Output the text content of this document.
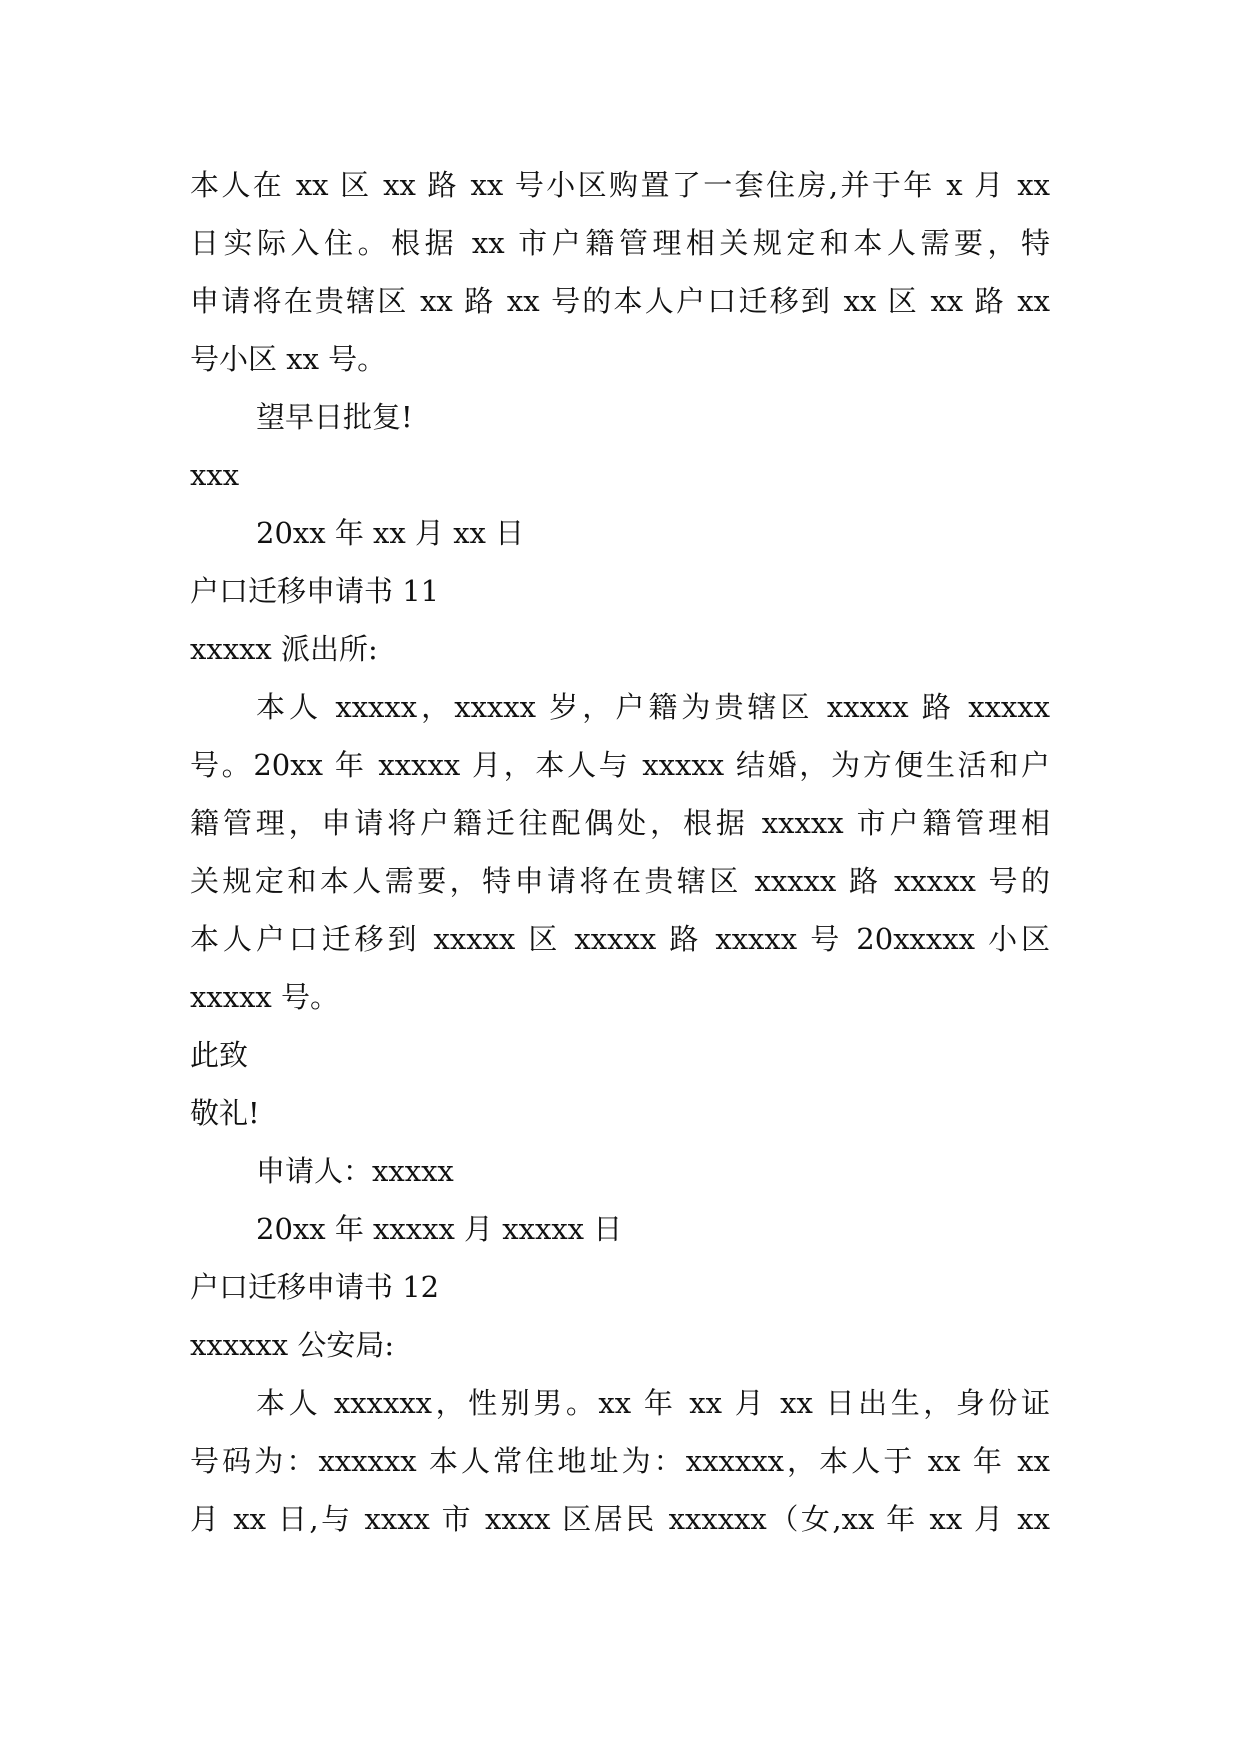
本人在 xx 区 xx 路 xx 号小区购置了一套住房,并于年 x 月 xx
日实际入住。根据 xx 市户籍管理相关规定和本人需要，特
申请将在贵辖区 xx 路 xx 号的本人户口迁移到 xx 区 xx 路 xx
号小区 xx 号。
望早日批复!
xxx
20xx 年 xx 月 xx 日
户口迁移申请书 11
xxxxx 派出所:
本人 xxxxx，xxxxx 岁，户籍为贵辖区 xxxxx 路 xxxxx
号。20xx 年 xxxxx 月，本人与 xxxxx 结婚，为方便生活和户
籍管理，申请将户籍迁往配偶处，根据 xxxxx 市户籍管理相
关规定和本人需要，特申请将在贵辖区 xxxxx 路 xxxxx 号的
本人户口迁移到 xxxxx 区 xxxxx 路 xxxxx 号 20xxxxx 小区
xxxxx 号。
此致
敬礼!
申请人：xxxxx
20xx 年 xxxxx 月 xxxxx 日
户口迁移申请书 12
xxxxxx 公安局:
本人 xxxxxx，性别男。xx 年 xx 月 xx 日出生，身份证
号码为：xxxxxx 本人常住地址为：xxxxxx，本人于 xx 年 xx
月 xx 日,与 xxxx 市 xxxx 区居民 xxxxxx（女,xx 年 xx 月 xx
